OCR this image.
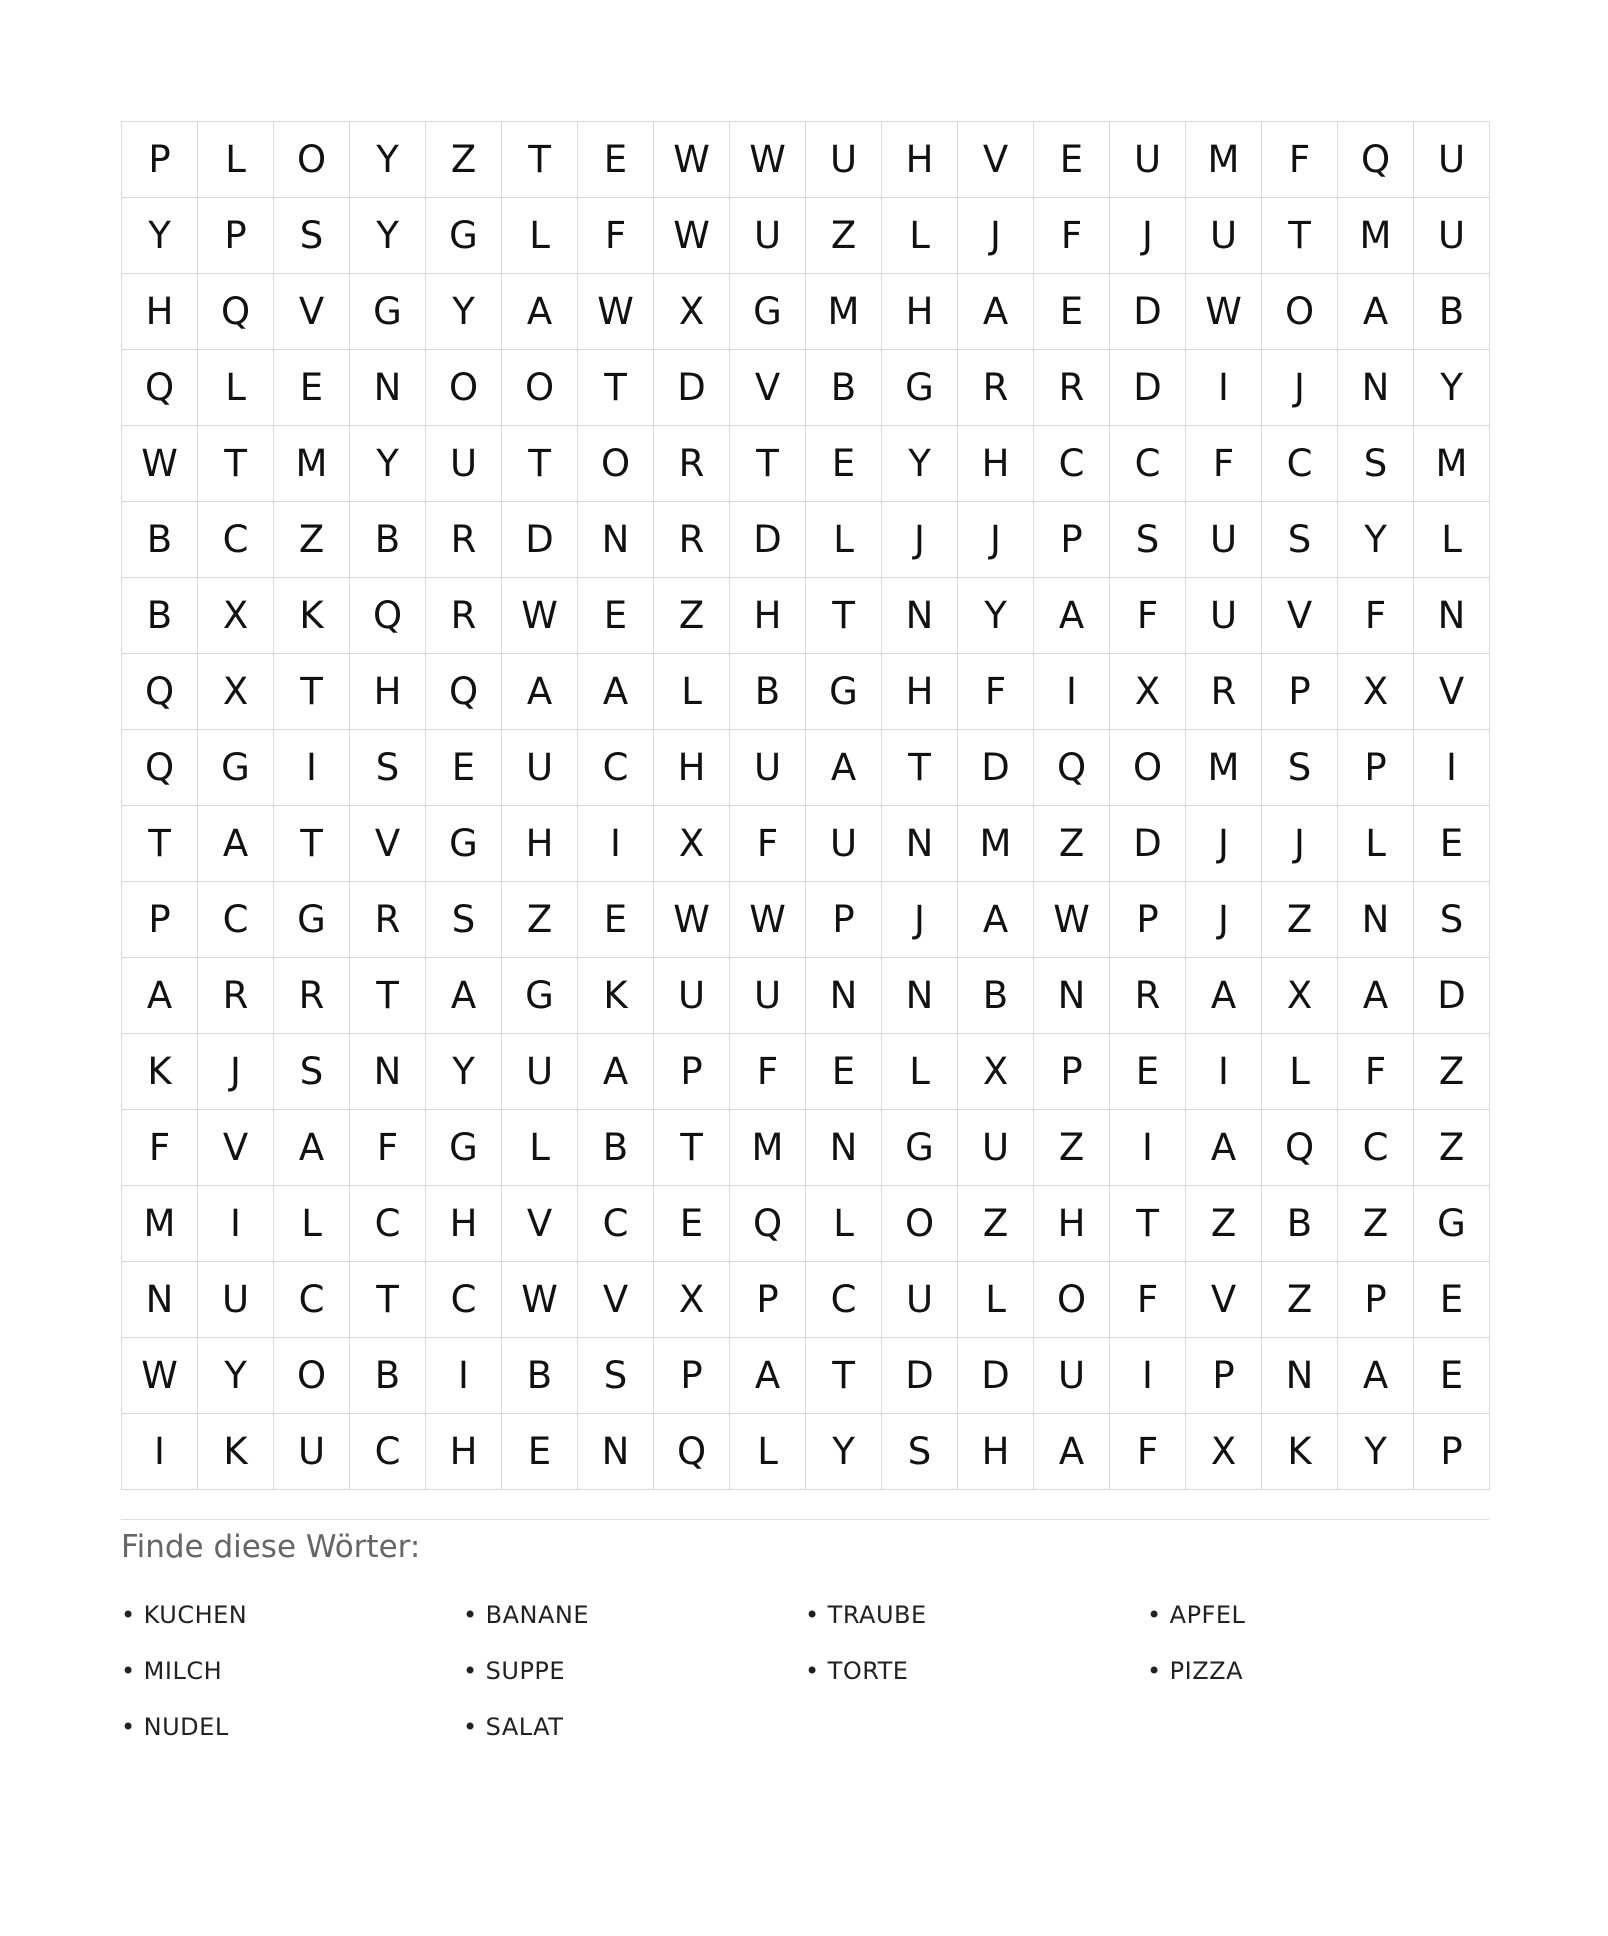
P	L	O	Y	Z	T	E	W	W	U	H	V	E	U	M	F	Q	U
Y	P	S	Y	G	L	F	W	U	Z	L	J	F	J	U	T	M	U
H	Q	V	G	Y	A	W	X	G	M	H	A	E	D	W	O	A	B
Q	L	E	N	O	O	T	D	V	B	G	R	R	D	I	J	N	Y
W	T	M	Y	U	T	O	R	T	E	Y	H	C	C	F	C	S	M
B	C	Z	B	R	D	N	R	D	L	J	J	P	S	U	S	Y	L
B	X	K	Q	R	W	E	Z	H	T	N	Y	A	F	U	V	F	N
Q	X	T	H	Q	A	A	L	B	G	H	F	I	X	R	P	X	V
Q	G	I	S	E	U	C	H	U	A	T	D	Q	O	M	S	P	I
T	A	T	V	G	H	I	X	F	U	N	M	Z	D	J	J	L	E
P	C	G	R	S	Z	E	W	W	P	J	A	W	P	J	Z	N	S
A	R	R	T	A	G	K	U	U	N	N	B	N	R	A	X	A	D
K	J	S	N	Y	U	A	P	F	E	L	X	P	E	I	L	F	Z
F	V	A	F	G	L	B	T	M	N	G	U	Z	I	A	Q	C	Z
M	I	L	C	H	V	C	E	Q	L	O	Z	H	T	Z	B	Z	G
N	U	C	T	C	W	V	X	P	C	U	L	O	F	V	Z	P	E
W	Y	O	B	I	B	S	P	A	T	D	D	U	I	P	N	A	E
I	K	U	C	H	E	N	Q	L	Y	S	H	A	F	X	K	Y	P

Finde diese Wörter:

• KUCHEN	• BANANE	• TRAUBE	• APFEL
• MILCH	• SUPPE	• TORTE	• PIZZA
• NUDEL	• SALAT
